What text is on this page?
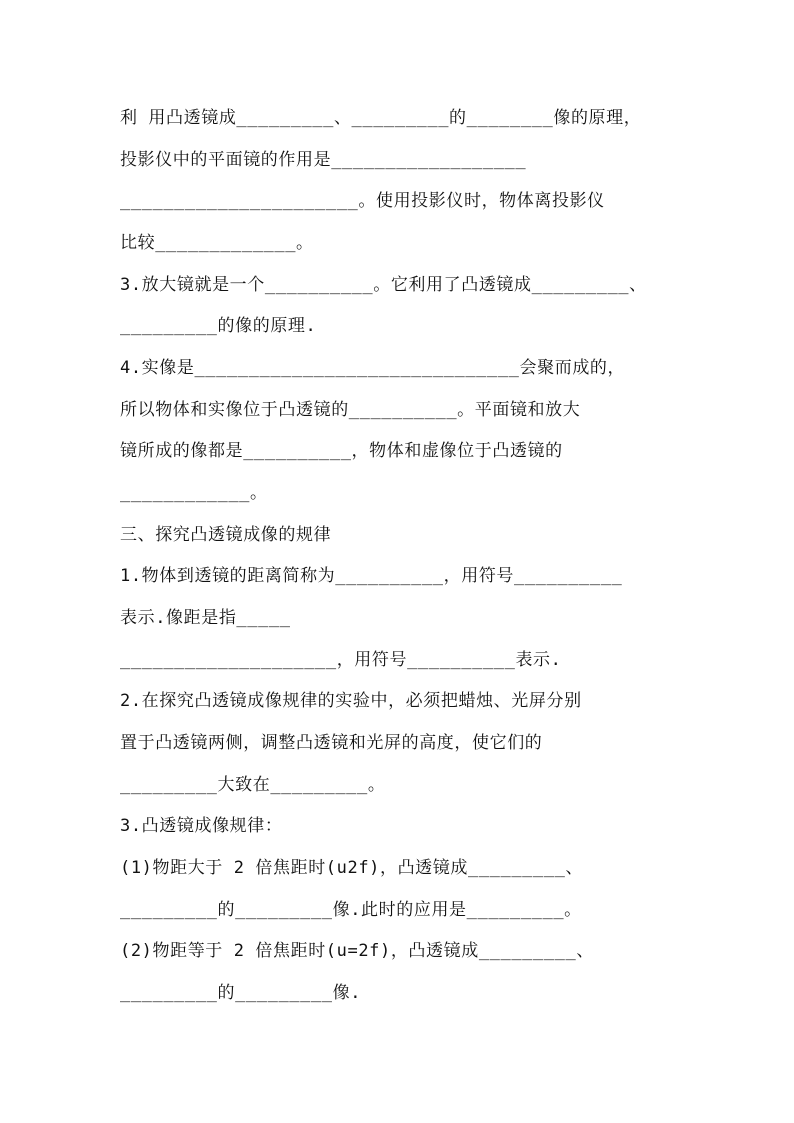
利 用凸透镜成_________、_________的________像的原理，
投影仪中的平面镜的作用是__________________
______________________。使用投影仪时，物体离投影仪
比较_____________。
3.放大镜就是一个__________。它利用了凸透镜成_________、
_________的像的原理.
4.实像是______________________________会聚而成的，
所以物体和实像位于凸透镜的__________。平面镜和放大
镜所成的像都是__________，物体和虚像位于凸透镜的
____________。
三、探究凸透镜成像的规律
1.物体到透镜的距离简称为__________，用符号__________
表示.像距是指_____
____________________，用符号__________表示.
2.在探究凸透镜成像规律的实验中，必须把蜡烛、光屏分别
置于凸透镜两侧，调整凸透镜和光屏的高度，使它们的
_________大致在_________。
3.凸透镜成像规律：
(1)物距大于 2 倍焦距时(u2f)，凸透镜成_________、
_________的_________像.此时的应用是_________。
(2)物距等于 2 倍焦距时(u=2f)，凸透镜成_________、
_________的_________像.
